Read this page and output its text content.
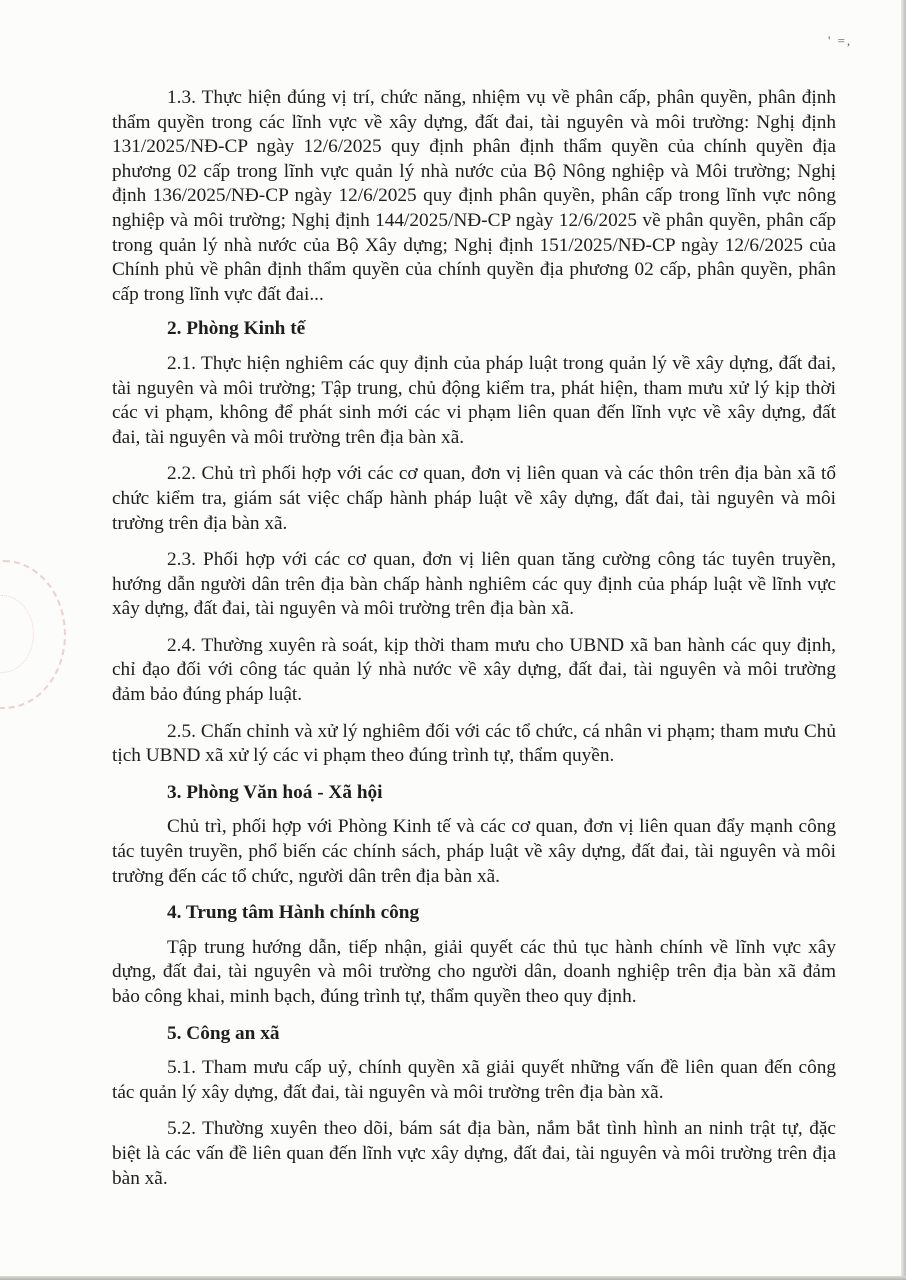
' =,

1.3. Thực hiện đúng vị trí, chức năng, nhiệm vụ về phân cấp, phân quyền, phân định thẩm quyền trong các lĩnh vực về xây dựng, đất đai, tài nguyên và môi trường: Nghị định 131/2025/NĐ-CP ngày 12/6/2025 quy định phân định thẩm quyền của chính quyền địa phương 02 cấp trong lĩnh vực quản lý nhà nước của Bộ Nông nghiệp và Môi trường; Nghị định 136/2025/NĐ-CP ngày 12/6/2025 quy định phân quyền, phân cấp trong lĩnh vực nông nghiệp và môi trường; Nghị định 144/2025/NĐ-CP ngày 12/6/2025 về phân quyền, phân cấp trong quản lý nhà nước của Bộ Xây dựng; Nghị định 151/2025/NĐ-CP ngày 12/6/2025 của Chính phủ về phân định thẩm quyền của chính quyền địa phương 02 cấp, phân quyền, phân cấp trong lĩnh vực đất đai...

2. Phòng Kinh tế

2.1. Thực hiện nghiêm các quy định của pháp luật trong quản lý về xây dựng, đất đai, tài nguyên và môi trường; Tập trung, chủ động kiểm tra, phát hiện, tham mưu xử lý kịp thời các vi phạm, không để phát sinh mới các vi phạm liên quan đến lĩnh vực về xây dựng, đất đai, tài nguyên và môi trường trên địa bàn xã.

2.2. Chủ trì phối hợp với các cơ quan, đơn vị liên quan và các thôn trên địa bàn xã tổ chức kiểm tra, giám sát việc chấp hành pháp luật về xây dựng, đất đai, tài nguyên và môi trường trên địa bàn xã.

2.3. Phối hợp với các cơ quan, đơn vị liên quan tăng cường công tác tuyên truyền, hướng dẫn người dân trên địa bàn chấp hành nghiêm các quy định của pháp luật về lĩnh vực xây dựng, đất đai, tài nguyên và môi trường trên địa bàn xã.

2.4. Thường xuyên rà soát, kịp thời tham mưu cho UBND xã ban hành các quy định, chỉ đạo đối với công tác quản lý nhà nước về xây dựng, đất đai, tài nguyên và môi trường đảm bảo đúng pháp luật.

2.5. Chấn chỉnh và xử lý nghiêm đối với các tổ chức, cá nhân vi phạm; tham mưu Chủ tịch UBND xã xử lý các vi phạm theo đúng trình tự, thẩm quyền.

3. Phòng Văn hoá - Xã hội

Chủ trì, phối hợp với Phòng Kinh tế và các cơ quan, đơn vị liên quan đẩy mạnh công tác tuyên truyền, phổ biến các chính sách, pháp luật về xây dựng, đất đai, tài nguyên và môi trường đến các tổ chức, người dân trên địa bàn xã.

4. Trung tâm Hành chính công

Tập trung hướng dẫn, tiếp nhận, giải quyết các thủ tục hành chính về lĩnh vực xây dựng, đất đai, tài nguyên và môi trường cho người dân, doanh nghiệp trên địa bàn xã đảm bảo công khai, minh bạch, đúng trình tự, thẩm quyền theo quy định.

5. Công an xã

5.1. Tham mưu cấp uỷ, chính quyền xã giải quyết những vấn đề liên quan đến công tác quản lý xây dựng, đất đai, tài nguyên và môi trường trên địa bàn xã.

5.2. Thường xuyên theo dõi, bám sát địa bàn, nắm bắt tình hình an ninh trật tự, đặc biệt là các vấn đề liên quan đến lĩnh vực xây dựng, đất đai, tài nguyên và môi trường trên địa bàn xã.
